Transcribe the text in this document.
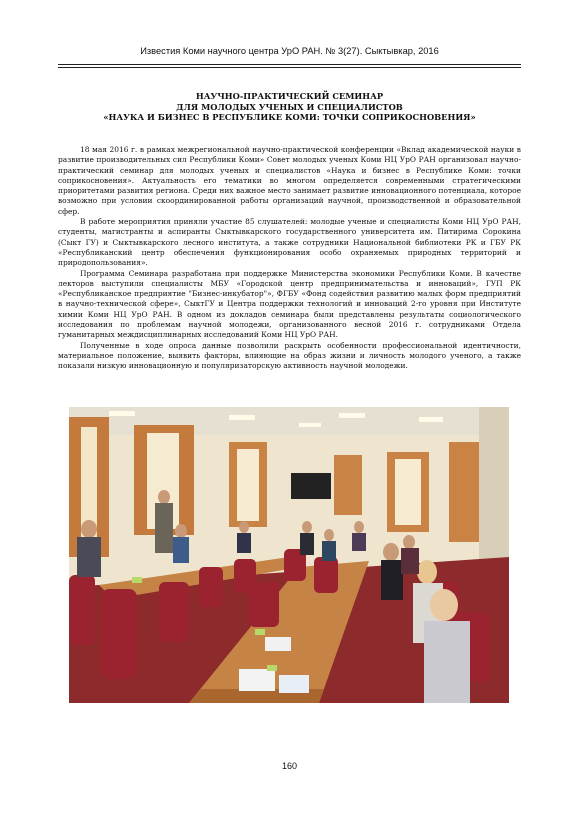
Известия Коми научного центра УрО РАН. № 3(27). Сыктывкар, 2016
НАУЧНО-ПРАКТИЧЕСКИЙ СЕМИНАР
ДЛЯ МОЛОДЫХ УЧЕНЫХ И СПЕЦИАЛИСТОВ
«НАУКА И БИЗНЕС В РЕСПУБЛИКЕ КОМИ: ТОЧКИ СОПРИКОСНОВЕНИЯ»

18 мая 2016 г. в рамках межрегиональной научно-практической конференции «Вклад академической науки в развитие производительных сил Республики Коми» Совет молодых ученых Коми НЦ УрО РАН организовал научно-практический семинар для молодых ученых и специалистов «Наука и бизнес в Республике Коми: точки соприкосновения». Актуальность его тематики во многом определяется современными стратегическими приоритетами развития региона. Среди них важное место занимает развитие инновационного потенциала, которое возможно при условии скоординированной работы организаций научной, производственной и образовательной сфер.

В работе мероприятия приняли участие 85 слушателей: молодые ученые и специалисты Коми НЦ УрО РАН, студенты, магистранты и аспиранты Сыктывкарского государственного университета им. Питирима Сорокина (Сыкт ГУ) и Сыктывкарского лесного института, а также сотрудники Национальной библиотеки РК и ГБУ РК «Республиканский центр обеспечения функционирования особо охраняемых природных территорий и природопользования».

Программа Семинара разработана при поддержке Министерства экономики Республики Коми. В качестве лекторов выступили специалисты МБУ «Городской центр предпринимательства и инноваций», ГУП РК «Республиканское предприятие "Бизнес-инкубатор"», ФГБУ «Фонд содействия развитию малых форм предприятий в научно-технической сфере», СыктГУ и Центра поддержки технологий и инноваций 2-го уровня при Институте химии Коми НЦ УрО РАН. В одном из докладов семинара были представлены результаты социологического исследования по проблемам научной молодежи, организованного весной 2016 г. сотрудниками Отдела гуманитарных междисциплинарных исследований Коми НЦ УрО РАН.

Полученные в ходе опроса данные позволили раскрыть особенности профессиональной идентичности, материальное положение, выявить факторы, влияющие на образ жизни и личность молодого ученого, а также показали низкую инновационную и популяризаторскую активность научной молодежи.

160
